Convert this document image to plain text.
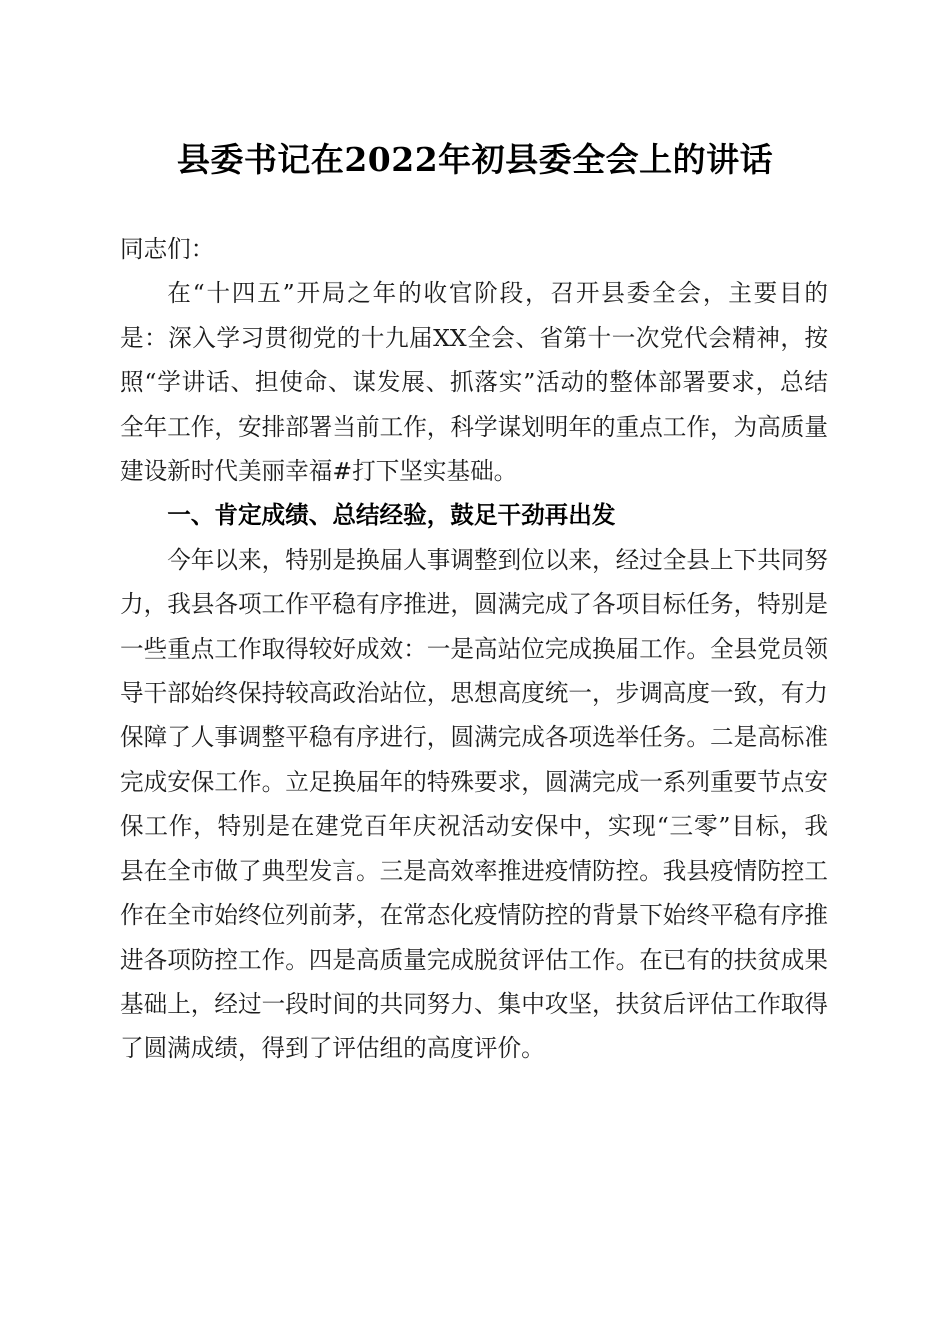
县委书记在2022年初县委全会上的讲话

同志们：

在“十四五”开局之年的收官阶段，召开县委全会，主要目的是：深入学习贯彻党的十九届XX全会、省第十一次党代会精神，按照“学讲话、担使命、谋发展、抓落实”活动的整体部署要求，总结全年工作，安排部署当前工作，科学谋划明年的重点工作，为高质量建设新时代美丽幸福#打下坚实基础。

一、肯定成绩、总结经验，鼓足干劲再出发

今年以来，特别是换届人事调整到位以来，经过全县上下共同努力，我县各项工作平稳有序推进，圆满完成了各项目标任务，特别是一些重点工作取得较好成效：一是高站位完成换届工作。全县党员领导干部始终保持较高政治站位，思想高度统一，步调高度一致，有力保障了人事调整平稳有序进行，圆满完成各项选举任务。二是高标准完成安保工作。立足换届年的特殊要求，圆满完成一系列重要节点安保工作，特别是在建党百年庆祝活动安保中，实现“三零”目标，我县在全市做了典型发言。三是高效率推进疫情防控。我县疫情防控工作在全市始终位列前茅，在常态化疫情防控的背景下始终平稳有序推进各项防控工作。四是高质量完成脱贫评估工作。在已有的扶贫成果基础上，经过一段时间的共同努力、集中攻坚，扶贫后评估工作取得了圆满成绩，得到了评估组的高度评价。
